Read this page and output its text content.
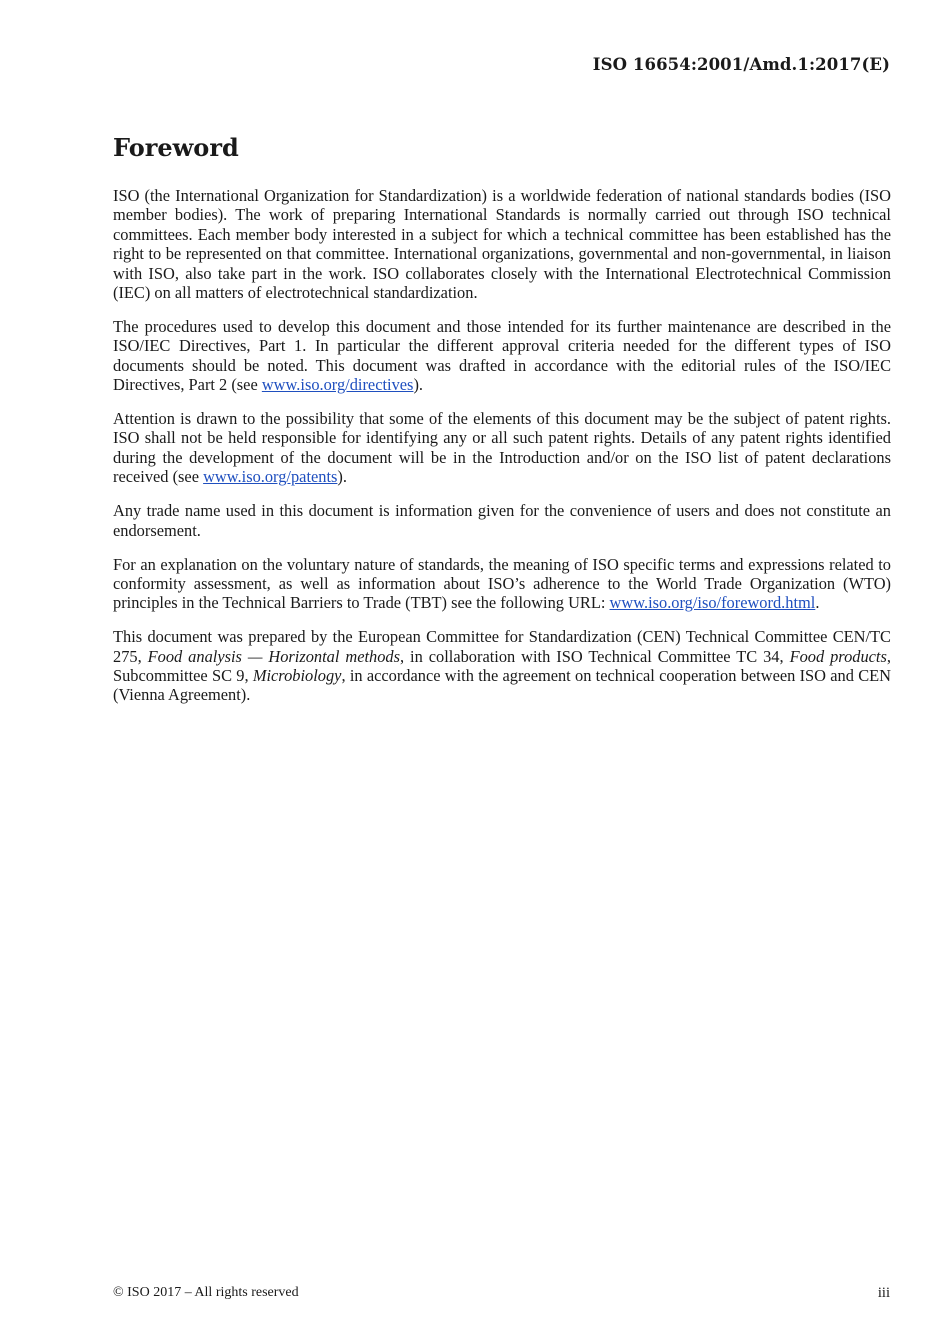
ISO 16654:2001/Amd.1:2017(E)
Foreword

ISO (the International Organization for Standardization) is a worldwide federation of national standards bodies (ISO member bodies). The work of preparing International Standards is normally carried out through ISO technical committees. Each member body interested in a subject for which a technical committee has been established has the right to be represented on that committee. International organizations, governmental and non-governmental, in liaison with ISO, also take part in the work. ISO collaborates closely with the International Electrotechnical Commission (IEC) on all matters of electrotechnical standardization.

The procedures used to develop this document and those intended for its further maintenance are described in the ISO/IEC Directives, Part 1. In particular the different approval criteria needed for the different types of ISO documents should be noted. This document was drafted in accordance with the editorial rules of the ISO/IEC Directives, Part 2 (see www.iso.org/directives).

Attention is drawn to the possibility that some of the elements of this document may be the subject of patent rights. ISO shall not be held responsible for identifying any or all such patent rights. Details of any patent rights identified during the development of the document will be in the Introduction and/or on the ISO list of patent declarations received (see www.iso.org/patents).

Any trade name used in this document is information given for the convenience of users and does not constitute an endorsement.

For an explanation on the voluntary nature of standards, the meaning of ISO specific terms and expressions related to conformity assessment, as well as information about ISO’s adherence to the World Trade Organization (WTO) principles in the Technical Barriers to Trade (TBT) see the following URL: www.iso.org/iso/foreword.html.

This document was prepared by the European Committee for Standardization (CEN) Technical Committee CEN/TC 275, Food analysis — Horizontal methods, in collaboration with ISO Technical Committee TC 34, Food products, Subcommittee SC 9, Microbiology, in accordance with the agreement on technical cooperation between ISO and CEN (Vienna Agreement).

© ISO 2017 – All rights reserved	iii
